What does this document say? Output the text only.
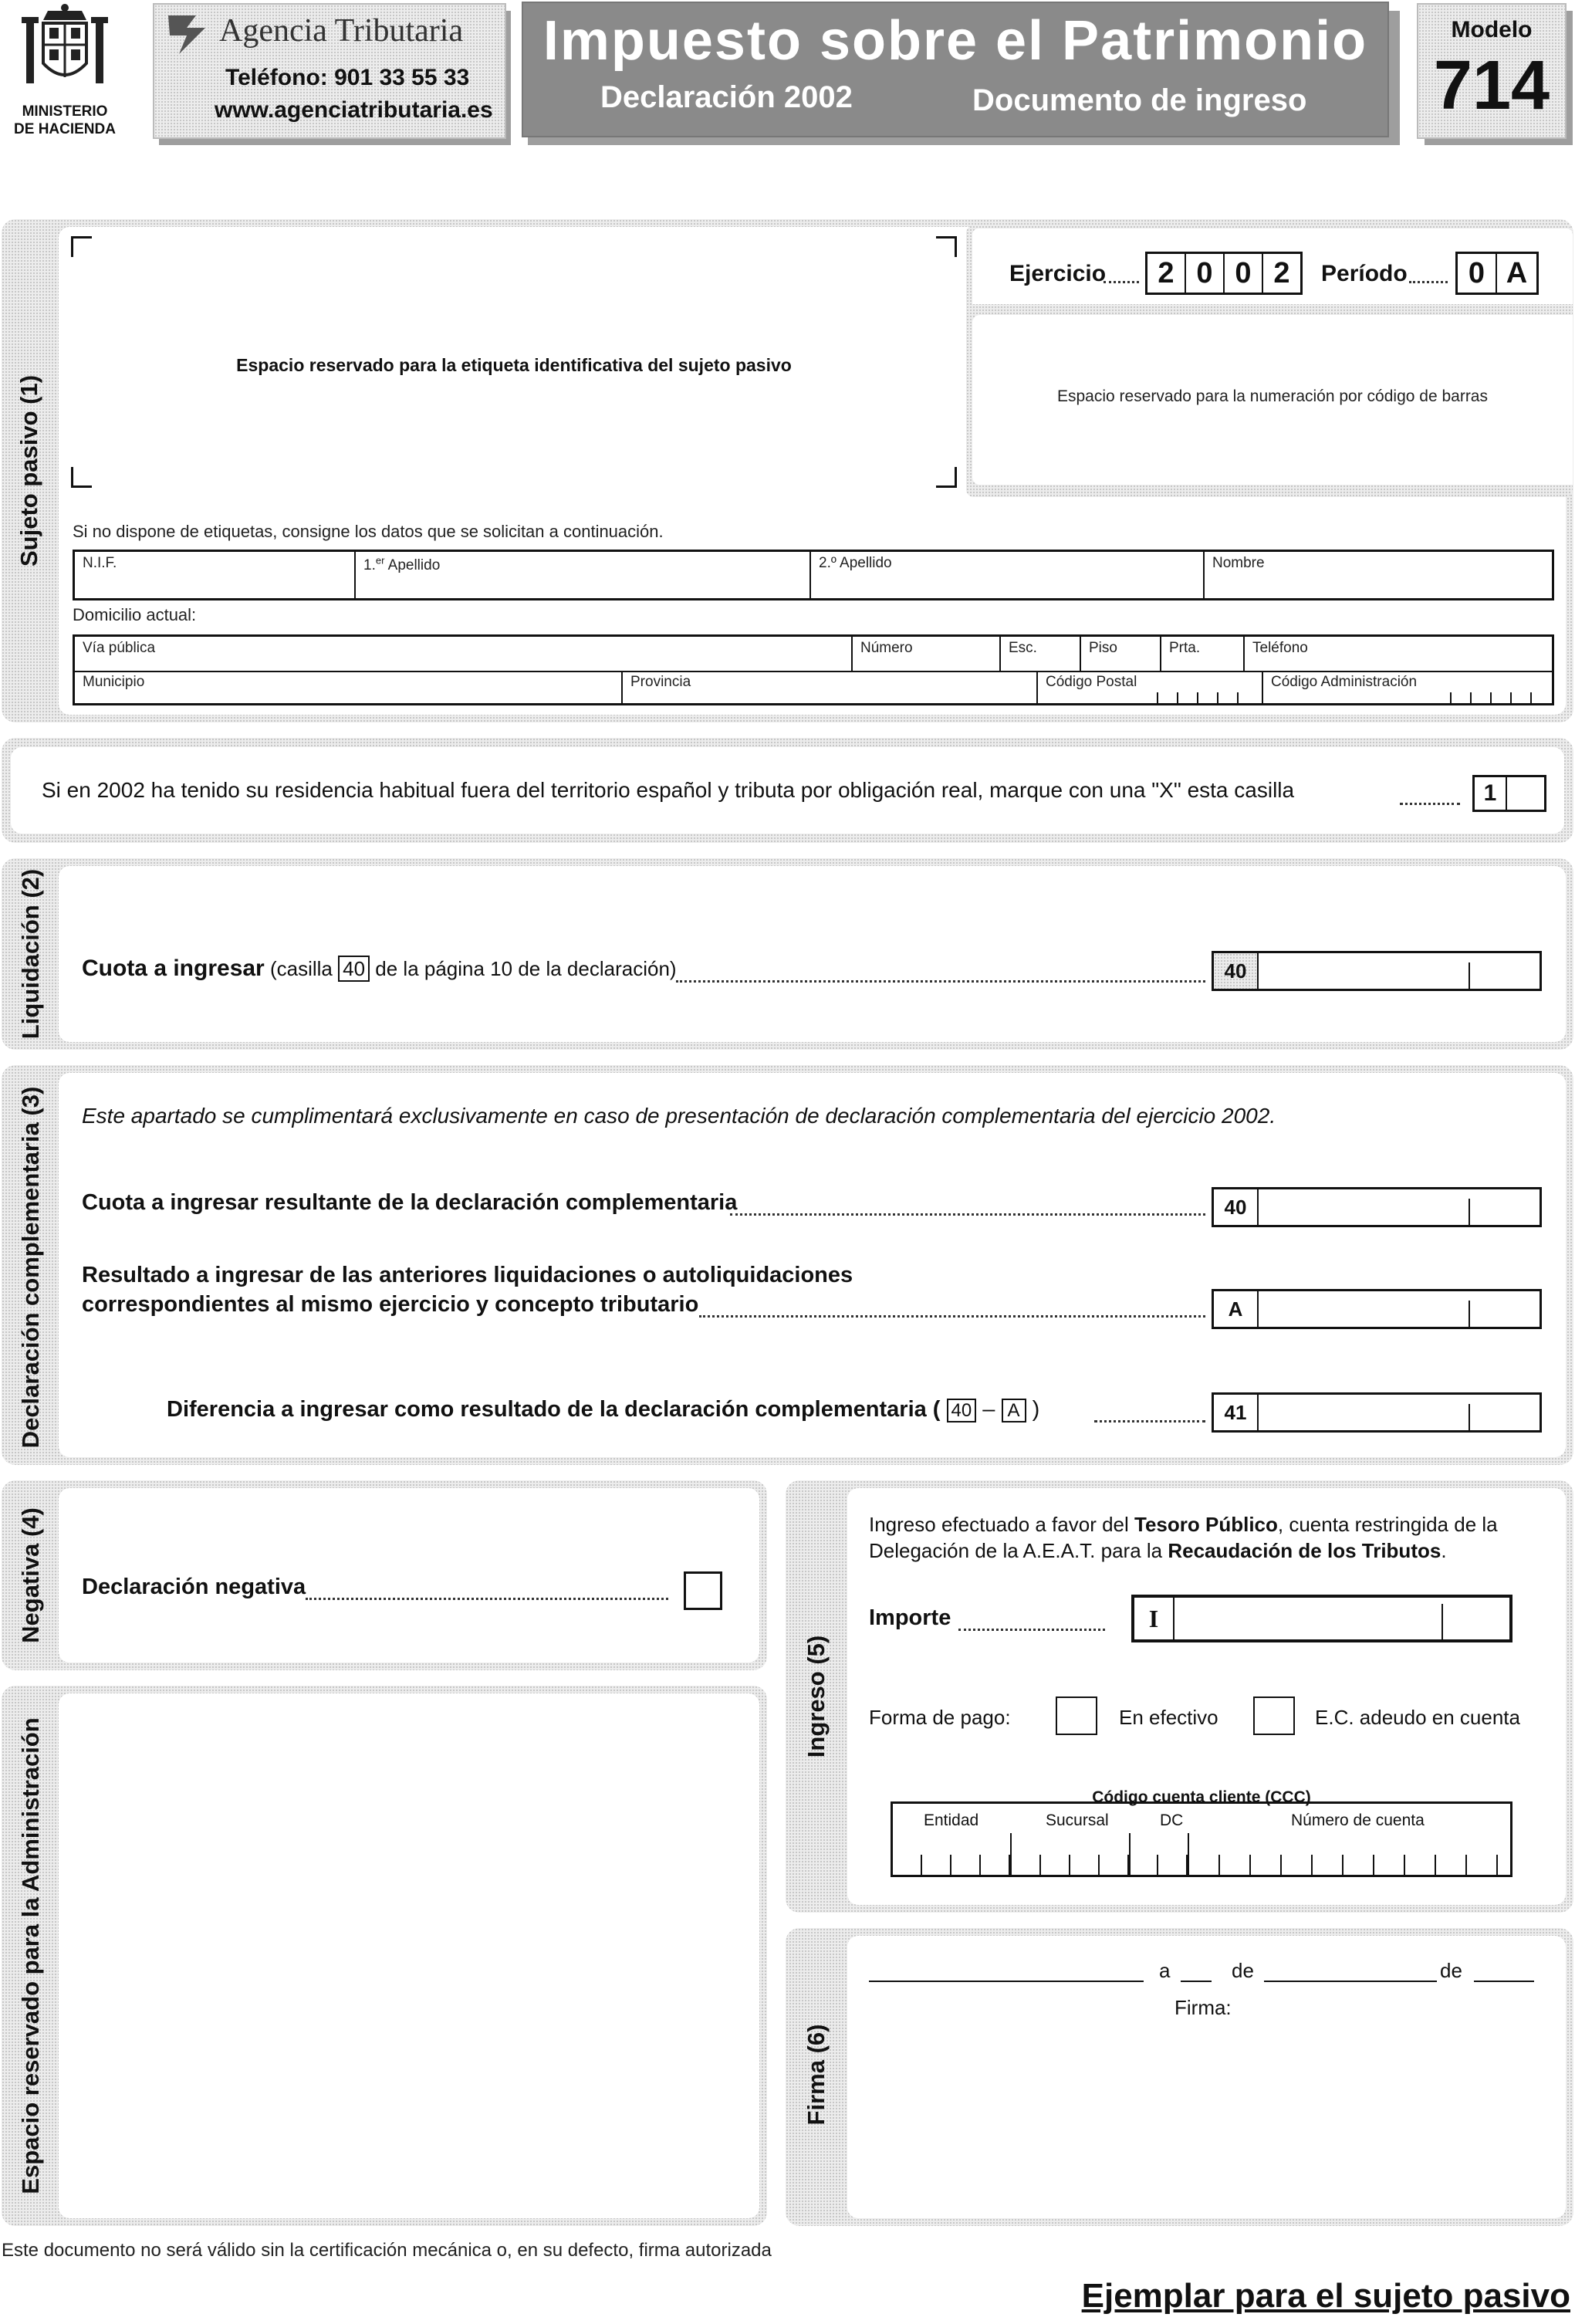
MINISTERIO
DE HACIENDA
Agencia Tributaria
Teléfono: 901 33 55 33
www.agenciatributaria.es
Impuesto sobre el Patrimonio
Declaración 2002	Documento de ingreso
Modelo
714
Sujeto pasivo (1)
Espacio reservado para la etiqueta identificativa del sujeto pasivo
Ejercicio	2 0 0 2	Período	0 A
Espacio reservado para la numeración por código de barras
Si no dispone de etiquetas, consigne los datos que se solicitan a continuación.
N.I.F.	1.$^{er}$ Apellido	2.º Apellido	Nombre
Domicilio actual:
Vía pública	Número	Esc.	Piso	Prta.	Teléfono
Municipio	Provincia	Código Postal	Código Administración
Si en 2002 ha tenido su residencia habitual fuera del territorio español y tributa por obligación real, marque con una "X" esta casilla	1
Liquidación (2) Cuota a ingresar (casilla 40 de la página 10 de la declaración)	40
Declaración complementaria (3) Este apartado se cumplimentará exclusivamente en caso de presentación de declaración complementaria del ejercicio 2002.
Cuota a ingresar resultante de la declaración complementaria	40
Resultado a ingresar de las anteriores liquidaciones o autoliquidaciones
correspondientes al mismo ejercicio y concepto tributario	A
Diferencia a ingresar como resultado de la declaración complementaria ( 40 – A )	41
Negativa (4) Declaración negativa
Espacio reservado para la Administración
Ingreso (5)
Ingreso efectuado a favor del Tesoro Público, cuenta restringida de la
Delegación de la A.E.A.T. para la Recaudación de los Tributos.
Importe	I
Forma de pago:	En efectivo	E.C. adeudo en cuenta
Código cuenta cliente (CCC)
Entidad	Sucursal	DC	Número de cuenta
Firma (6)
a	de	de
Firma:
Este documento no será válido sin la certificación mecánica o, en su defecto, firma autorizada
Ejemplar para el sujeto pasivo
